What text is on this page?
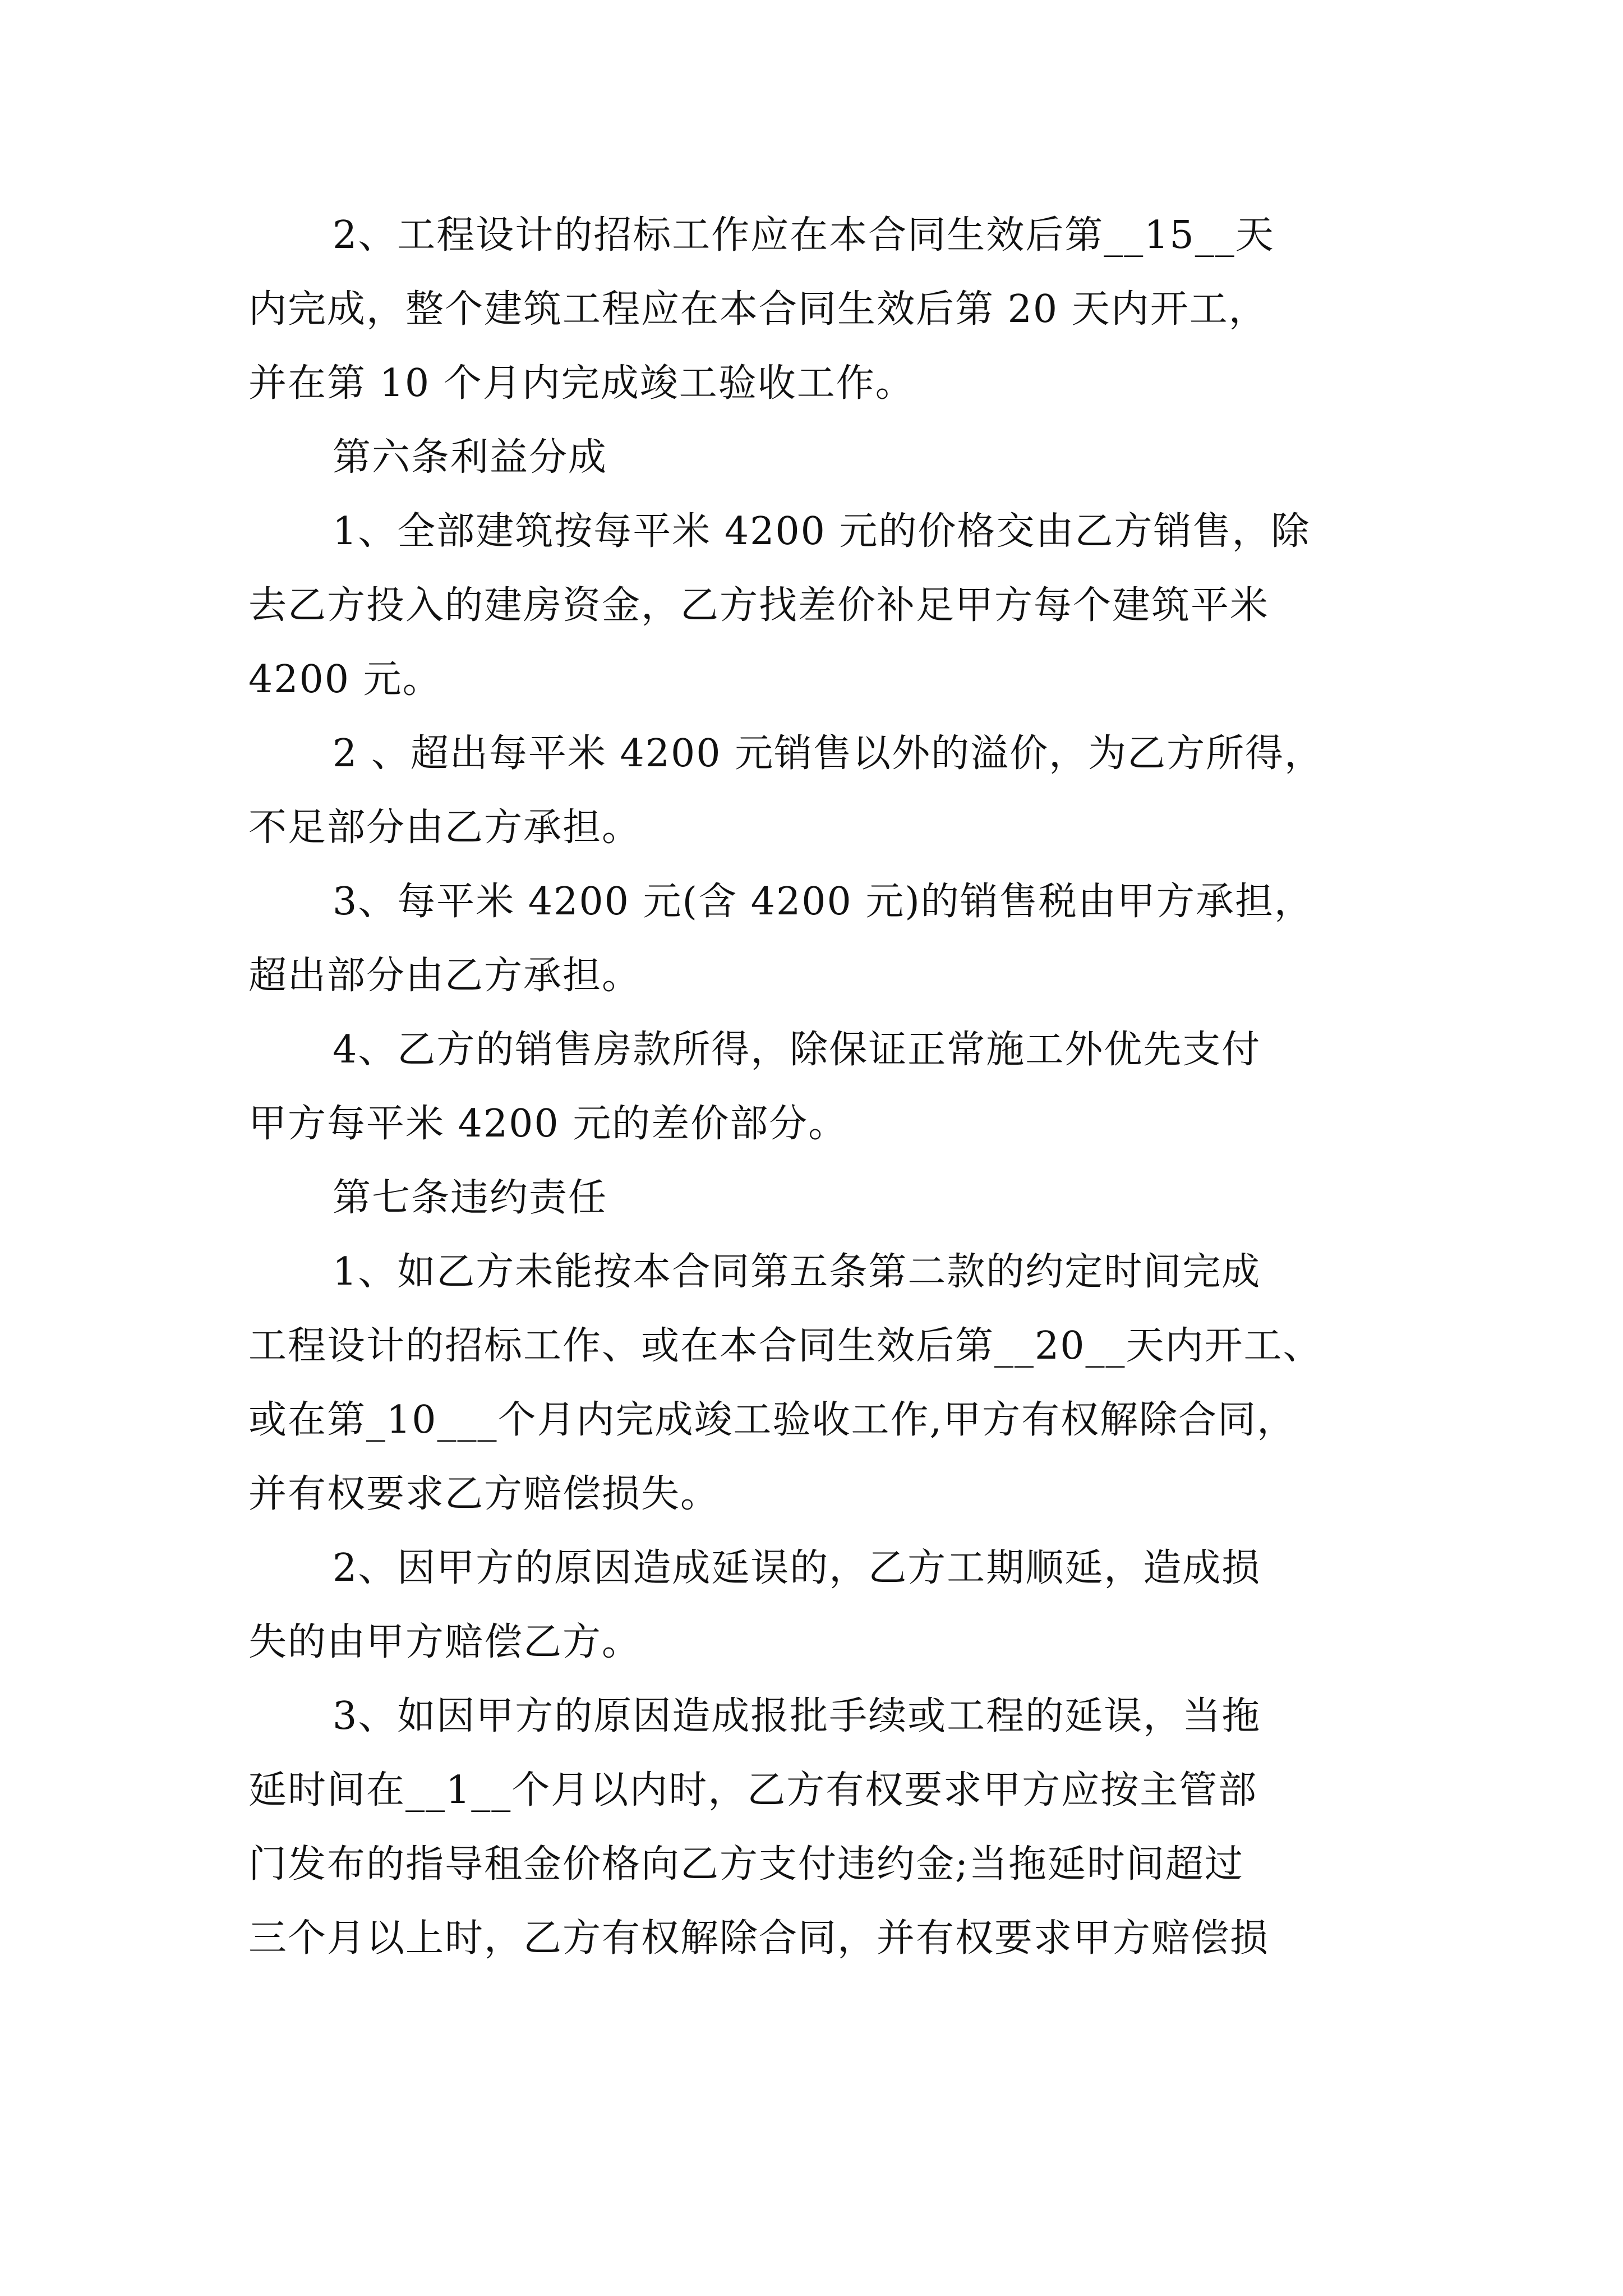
2、工程设计的招标工作应在本合同生效后第__15__天
内完成，整个建筑工程应在本合同生效后第 20 天内开工，
并在第 10 个月内完成竣工验收工作。
第六条利益分成
1、全部建筑按每平米 4200 元的价格交由乙方销售，除
去乙方投入的建房资金，乙方找差价补足甲方每个建筑平米
4200 元。
2 、超出每平米 4200 元销售以外的溢价，为乙方所得，
不足部分由乙方承担。
3、每平米 4200 元(含 4200 元)的销售税由甲方承担，
超出部分由乙方承担。
4、乙方的销售房款所得，除保证正常施工外优先支付
甲方每平米 4200 元的差价部分。
第七条违约责任
1、如乙方未能按本合同第五条第二款的约定时间完成
工程设计的招标工作、或在本合同生效后第__20__天内开工、
或在第_10___个月内完成竣工验收工作,甲方有权解除合同，
并有权要求乙方赔偿损失。
2、因甲方的原因造成延误的，乙方工期顺延，造成损
失的由甲方赔偿乙方。
3、如因甲方的原因造成报批手续或工程的延误，当拖
延时间在__1__个月以内时，乙方有权要求甲方应按主管部
门发布的指导租金价格向乙方支付违约金;当拖延时间超过
三个月以上时，乙方有权解除合同，并有权要求甲方赔偿损
